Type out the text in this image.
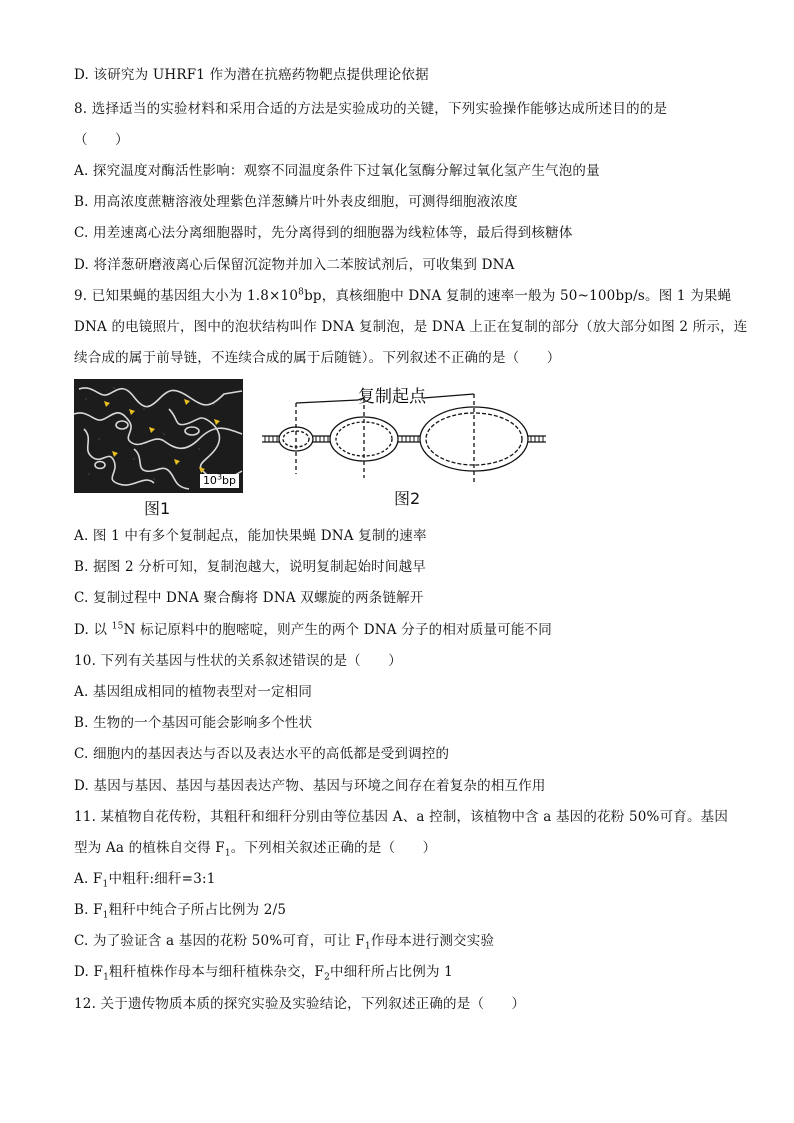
D. 该研究为 UHRF1 作为潜在抗癌药物靶点提供理论依据
8. 选择适当的实验材料和采用合适的方法是实验成功的关键，下列实验操作能够达成所述目的的是
（　　）
A. 探究温度对酶活性影响：观察不同温度条件下过氧化氢酶分解过氧化氢产生气泡的量
B. 用高浓度蔗糖溶液处理紫色洋葱鳞片叶外表皮细胞，可测得细胞液浓度
C. 用差速离心法分离细胞器时，先分离得到的细胞器为线粒体等，最后得到核糖体
D. 将洋葱研磨液离心后保留沉淀物并加入二苯胺试剂后，可收集到 DNA
9. 已知果蝇的基因组大小为 $1.8\times 10^8bp$，真核细胞中 DNA 复制的速率一般为 50~100bp/s。图 1 为果蝇
DNA 的电镜照片，图中的泡状结构叫作 DNA 复制泡，是 DNA 上正在复制的部分（放大部分如图 2 所示，连
续合成的属于前导链，不连续合成的属于后随链）。下列叙述不正确的是（　　）
$10^3bp$
图1
复制起点
图2
A. 图 1 中有多个复制起点，能加快果蝇 DNA 复制的速率
B. 据图 2 分析可知，复制泡越大，说明复制起始时间越早
C. 复制过程中 DNA 聚合酶将 DNA 双螺旋的两条链解开
D. 以 $^{15}$N 标记原料中的胞嘧啶，则产生的两个 DNA 分子的相对质量可能不同
10. 下列有关基因与性状的关系叙述错误的是（　　）
A. 基因组成相同的植物表型对一定相同
B. 生物的一个基因可能会影响多个性状
C. 细胞内的基因表达与否以及表达水平的高低都是受到调控的
D. 基因与基因、基因与基因表达产物、基因与环境之间存在着复杂的相互作用
11. 某植物自花传粉，其粗秆和细秆分别由等位基因 A、a 控制，该植物中含 a 基因的花粉 50%可育。基因
型为 Aa 的植株自交得 $F_1$。下列相关叙述正确的是（　　）
A. $F_1$中粗秆:细秆=3:1
B. $F_1$粗秆中纯合子所占比例为 2/5
C. 为了验证含 a 基因的花粉 50%可育，可让 $F_1$作母本进行测交实验
D. $F_1$粗秆植株作母本与细秆植株杂交，$F_2$中细秆所占比例为 1
12. 关于遗传物质本质的探究实验及实验结论，下列叙述正确的是（　　）
